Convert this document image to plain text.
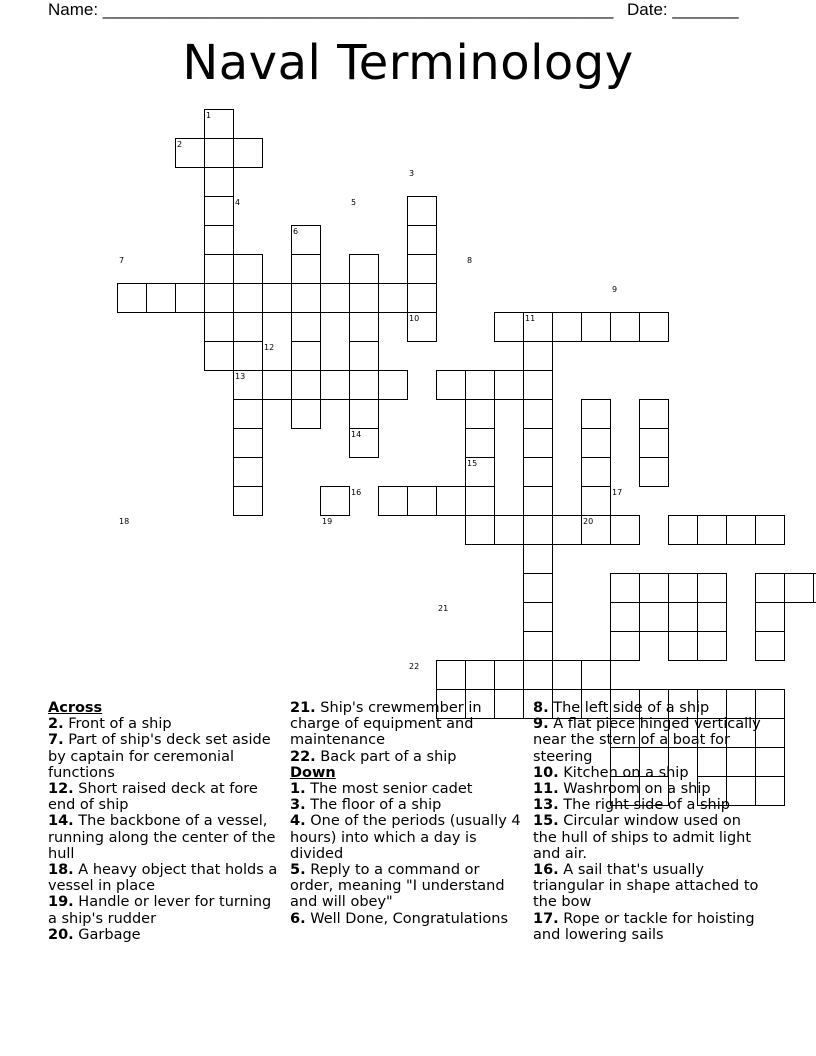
Name: ______________________________________________________ Date: _______
Naval Terminology
1
2
3
4	5
6
7	8
9
10	11
12
13
14
15
16	17
18	19	20
21
22
Across
2. Front of a ship
7. Part of ship's deck set aside by captain for ceremonial functions
12. Short raised deck at fore end of ship
14. The backbone of a vessel, running along the center of the hull
18. A heavy object that holds a vessel in place
19. Handle or lever for turning a ship's rudder
20. Garbage
21. Ship's crewmember in charge of equipment and maintenance
22. Back part of a ship
Down
1. The most senior cadet
3. The floor of a ship
4. One of the periods (usually 4 hours) into which a day is divided
5. Reply to a command or order, meaning "I understand and will obey"
6. Well Done, Congratulations
8. The left side of a ship
9. A flat piece hinged vertically near the stern of a boat for steering
10. Kitchen on a ship
11. Washroom on a ship
13. The right side of a ship
15. Circular window used on the hull of ships to admit light and air.
16. A sail that's usually triangular in shape attached to the bow
17. Rope or tackle for hoisting and lowering sails
